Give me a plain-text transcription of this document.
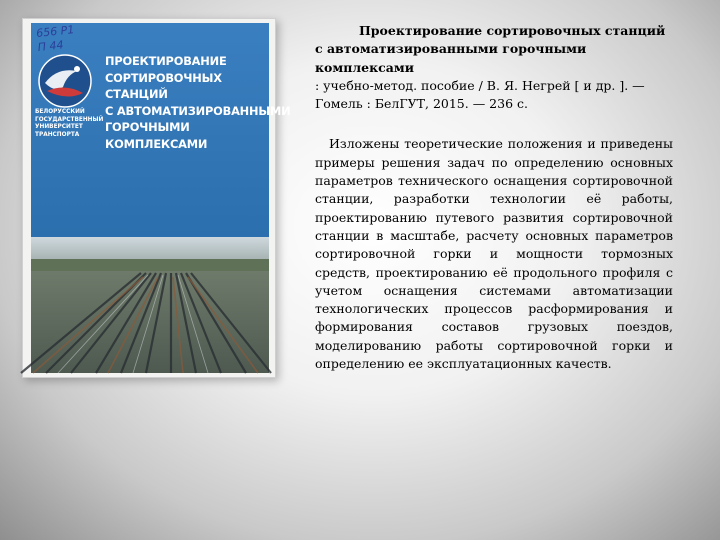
656 Р1
П 44
БЕЛОРУССКИЙ
ГОСУДАРСТВЕННЫЙ
УНИВЕРСИТЕТ
ТРАНСПОРТА
ПРОЕКТИРОВАНИЕ
СОРТИРОВОЧНЫХ
СТАНЦИЙ
С АВТОМАТИЗИРОВАННЫМИ
ГОРОЧНЫМИ
КОМПЛЕКСАМИ

Проектирование сортировочных станций с автоматизированными горочными комплексами
: учебно-метод. пособие / В. Я. Негрей [ и др. ]. — Гомель : БелГУТ, 2015. — 236 с.

Изложены теоретические положения и приведены примеры решения задач по определению основных параметров технического оснащения сортировочной станции, разработки технологии её работы, проектированию путевого развития сортировочной станции в масштабе, расчету основных параметров сортировочной горки и мощности тормозных средств, проектированию её продольного профиля с учетом оснащения системами автоматизации технологических процессов расформирования и формирования составов грузовых поездов, моделированию работы сортировочной горки и определению ее эксплуатационных качеств.
